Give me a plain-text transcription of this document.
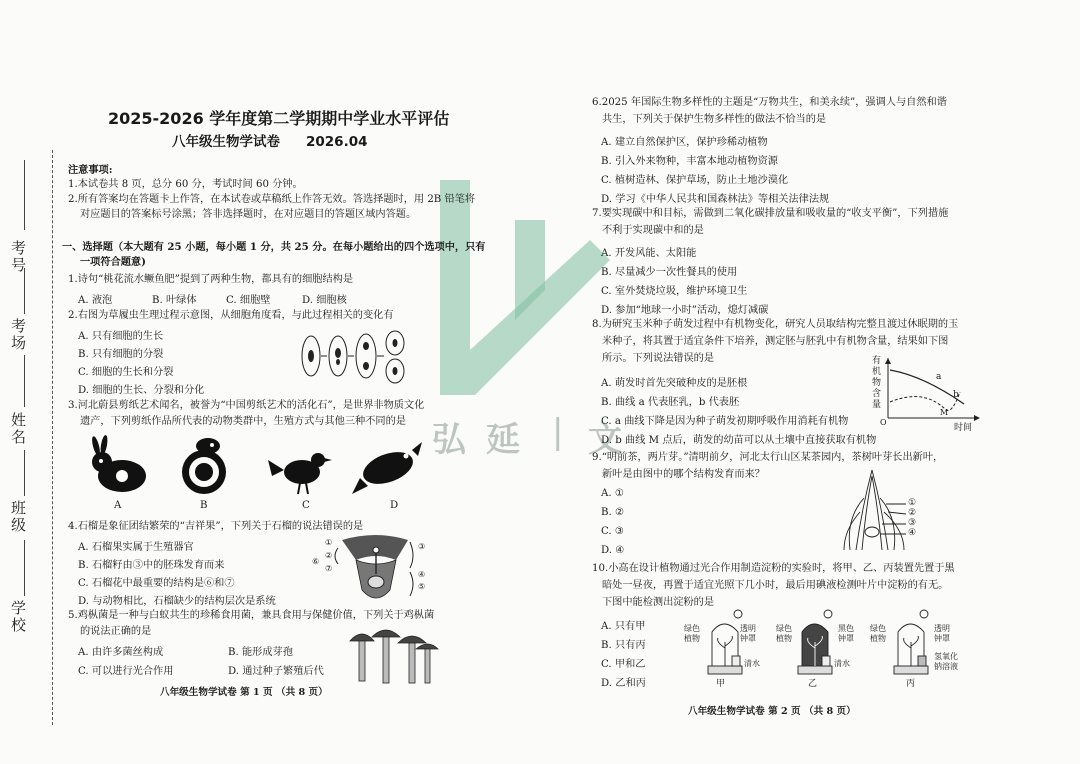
考号
考场
姓名
班级
学校
弘 延 | 文
2025-2026 学年度第二学期期中学业水平评估
八年级生物学试卷 2026.04
注意事项:
1.本试卷共 8 页，总分 60 分，考试时间 60 分钟。
2.所有答案均在答题卡上作答，在本试卷或草稿纸上作答无效。答选择题时，用 2B 铅笔将
对应题目的答案标号涂黑；答非选择题时，在对应题目的答题区域内答题。
一、选择题（本大题有 25 小题，每小题 1 分，共 25 分。在每小题给出的四个选项中，只有
一项符合题意)
1.诗句“桃花流水鳜鱼肥”提到了两种生物，都具有的细胞结构是
A. 液泡	B. 叶绿体	C. 细胞壁	D. 细胞核
2.右图为草履虫生理过程示意图，从细胞角度看，与此过程相关的变化有
A. 只有细胞的生长
B. 只有细胞的分裂
C. 细胞的生长和分裂
D. 细胞的生长、分裂和分化
3.河北蔚县剪纸艺术闻名，被誉为“中国剪纸艺术的活化石”，是世界非物质文化
遗产，下列剪纸作品所代表的动物类群中，生殖方式与其他三种不同的是
A	B	C	D
4.石榴是象征团结繁荣的“吉祥果”，下列关于石榴的说法错误的是
A. 石榴果实属于生殖器官
B. 石榴籽由③中的胚珠发育而来
C. 石榴花中最重要的结构是⑥和⑦
D. 与动物相比，石榴缺少的结构层次是系统
①
②
⑥
③
④
⑤
⑦
5.鸡枞菌是一种与白蚁共生的珍稀食用菌，兼具食用与保健价值，下列关于鸡枞菌
的说法正确的是
A. 由许多菌丝构成	B. 能形成芽孢
C. 可以进行光合作用	D. 通过种子繁殖后代
八年级生物学试卷 第 1 页 （共 8 页）
6.2025 年国际生物多样性的主题是“万物共生，和美永续”，强调人与自然和谐
共生，下列关于保护生物多样性的做法不恰当的是
A. 建立自然保护区，保护珍稀动植物
B. 引入外来物种，丰富本地动植物资源
C. 植树造林、保护草场，防止土地沙漠化
D. 学习《中华人民共和国森林法》等相关法律法规
7.要实现碳中和目标，需做到二氧化碳排放量和吸收量的“收支平衡”，下列措施
不利于实现碳中和的是
A. 开发风能、太阳能
B. 尽量减少一次性餐具的使用
C. 室外焚烧垃圾，维护环境卫生
D. 参加“地球一小时”活动，熄灯减碳
8.为研究玉米种子萌发过程中有机物变化，研究人员取结构完整且渡过休眠期的玉
米种子，将其置于适宜条件下培养，测定胚与胚乳中有机物含量，结果如下图
所示。下列说法错误的是
A. 萌发时首先突破种皮的是胚根
B. 曲线 a 代表胚乳，b 代表胚
C. a 曲线下降是因为种子萌发初期呼吸作用消耗有机物
D. b 曲线 M 点后，萌发的幼苗可以从土壤中直接获取有机物
有
机
物
含
量
a
b
M
O
时间
9.“明前茶，两片芽。”清明前夕，河北太行山区某茶园内，茶树叶芽长出新叶，
新叶是由图中的哪个结构发育而来？
A. ①
B. ②
C. ③
D. ④
①
②
③
④
10.小高在设计植物通过光合作用制造淀粉的实验时，将甲、乙、丙装置先置于黑
暗处一昼夜，再置于适宜光照下几小时，最后用碘液检测叶片中淀粉的有无。
下图中能检测出淀粉的是
A. 只有甲
B. 只有丙
C. 甲和乙
D. 乙和丙
绿色植物
透明钟罩
清水
绿色植物
黑色钟罩
清水
绿色植物
透明钟罩
氢氧化钠溶液
甲	乙	丙
八年级生物学试卷 第 2 页 （共 8 页）
